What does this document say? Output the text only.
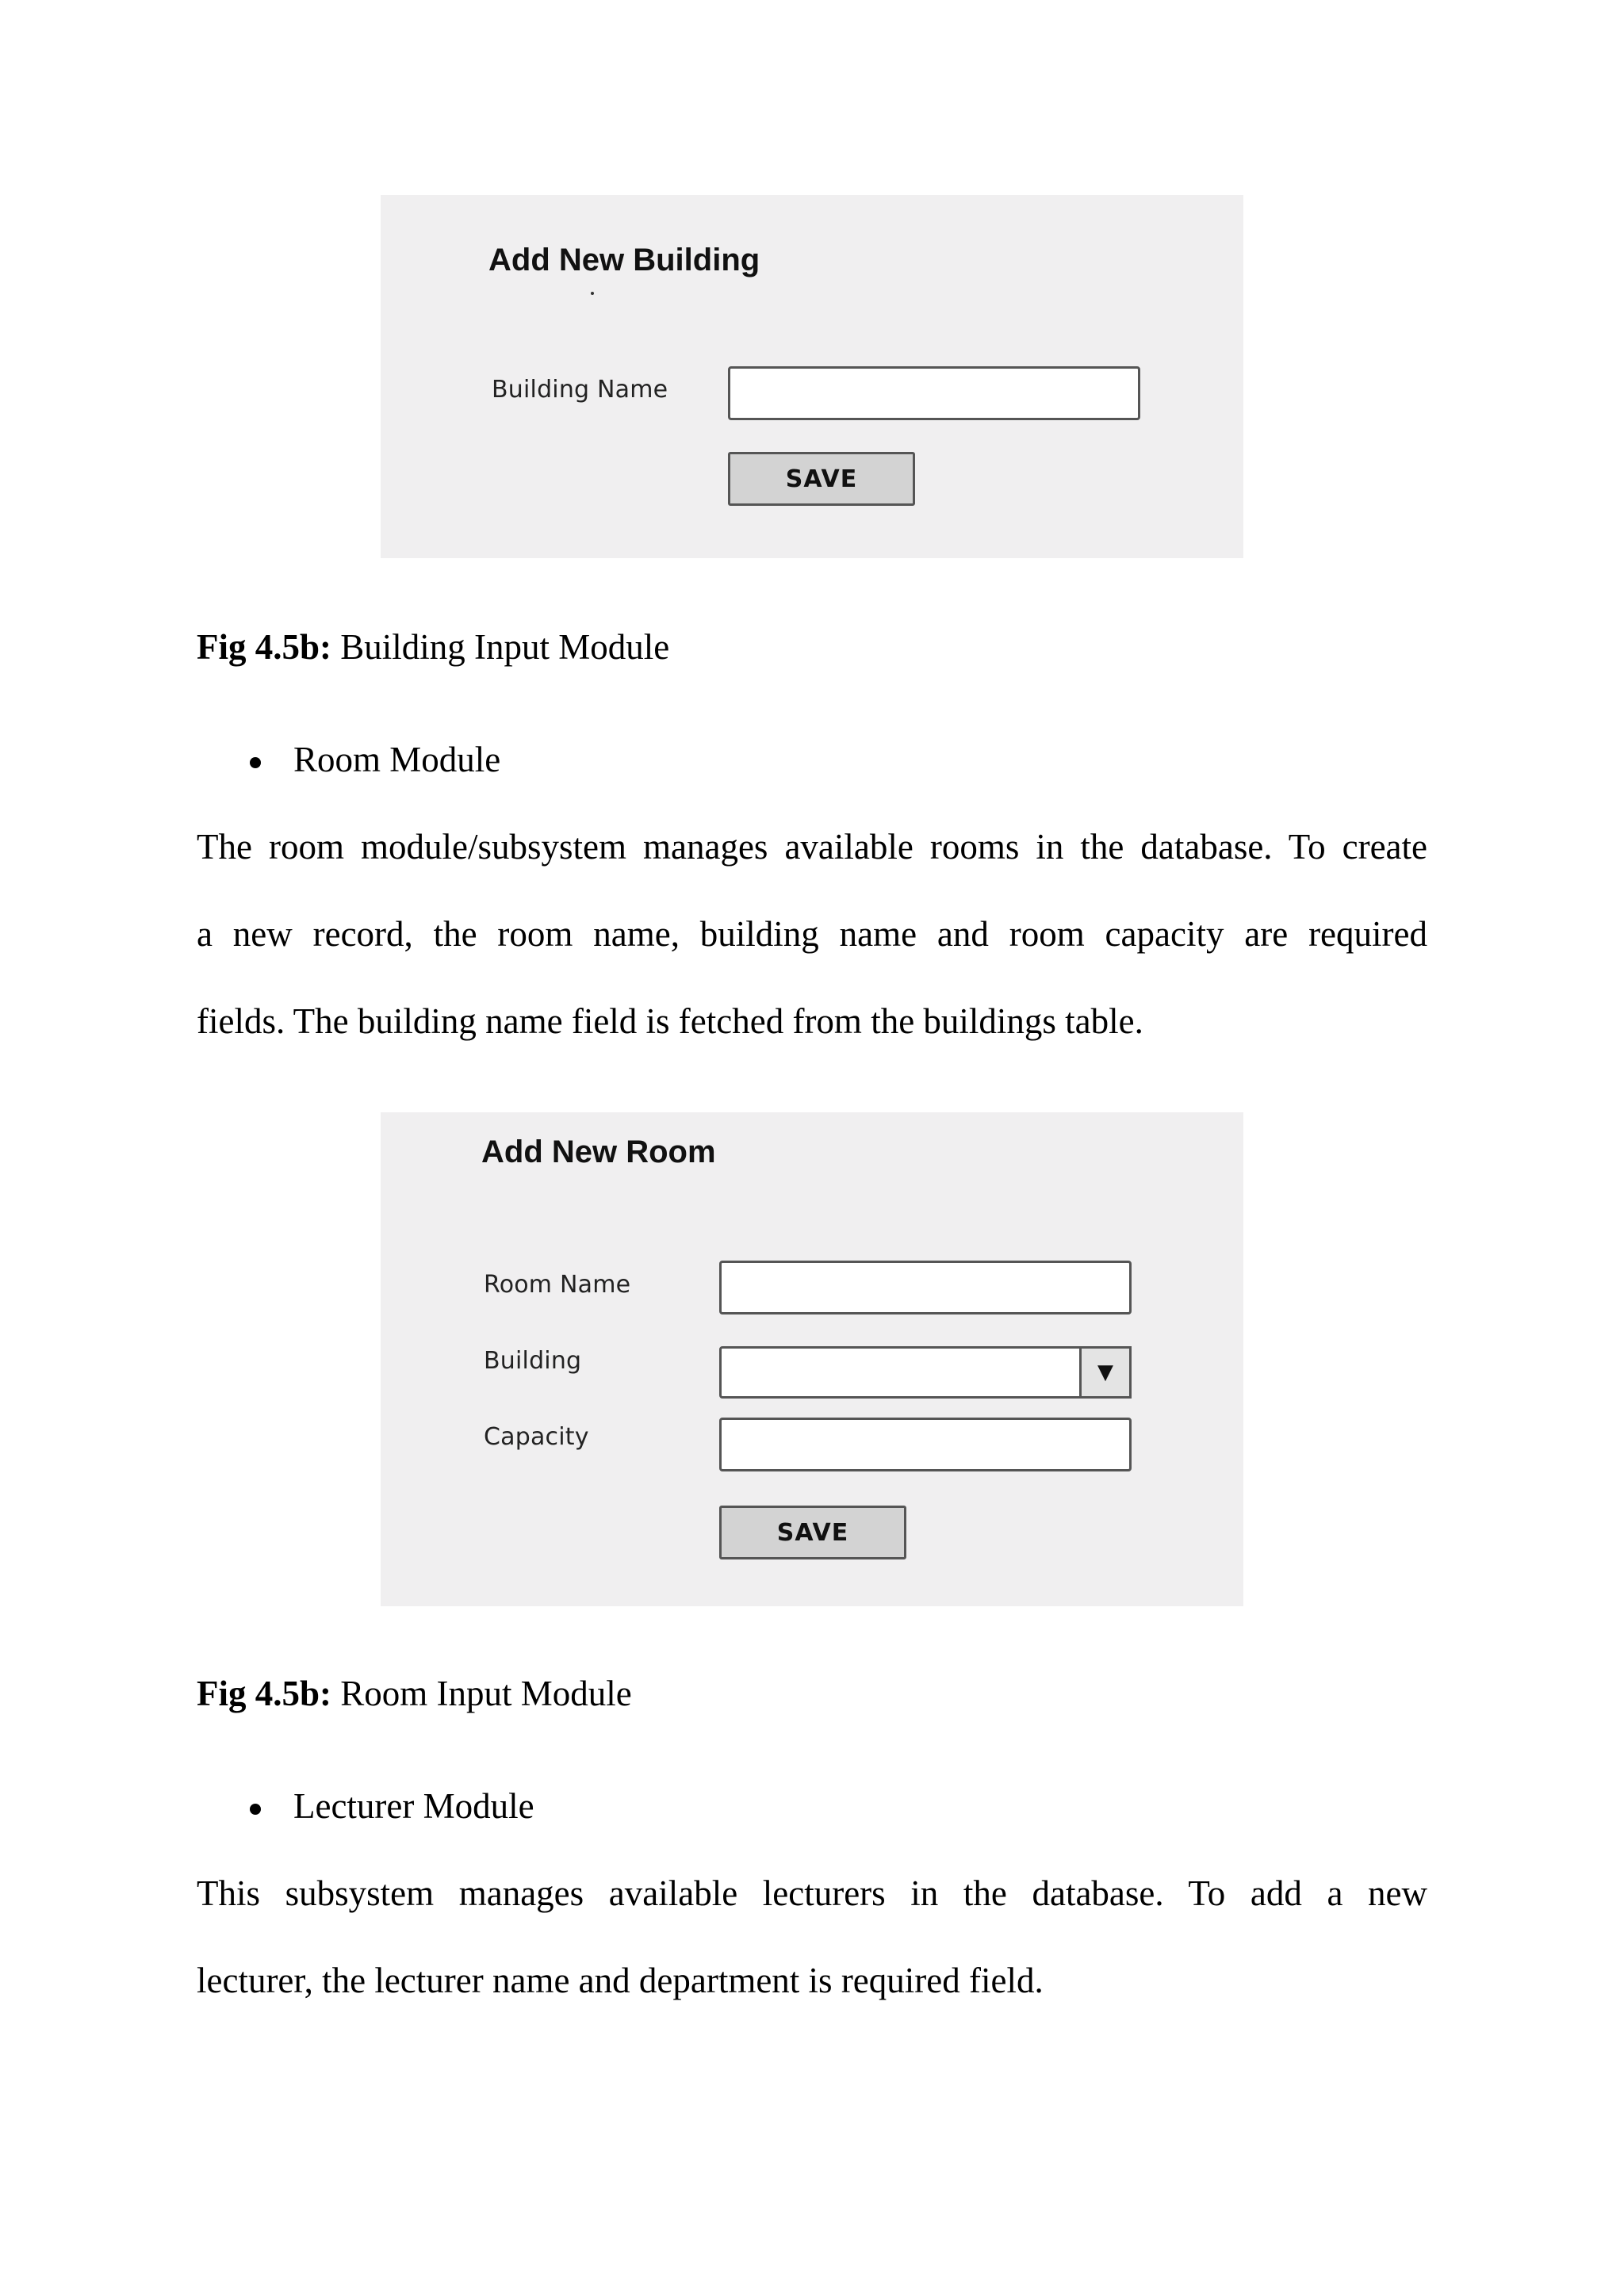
Add New Building
Building Name
SAVE
Fig 4.5b: Building Input Module
Room Module
The room module/subsystem manages available rooms in the database. To create
a new record, the room name, building name and room capacity are required
fields. The building name field is fetched from the buildings table.
Add New Room
Room Name
Building	▼
Capacity
SAVE
Fig 4.5b: Room Input Module
Lecturer Module
This subsystem manages available lecturers in the database. To add a new
lecturer, the lecturer name and department is required field.
